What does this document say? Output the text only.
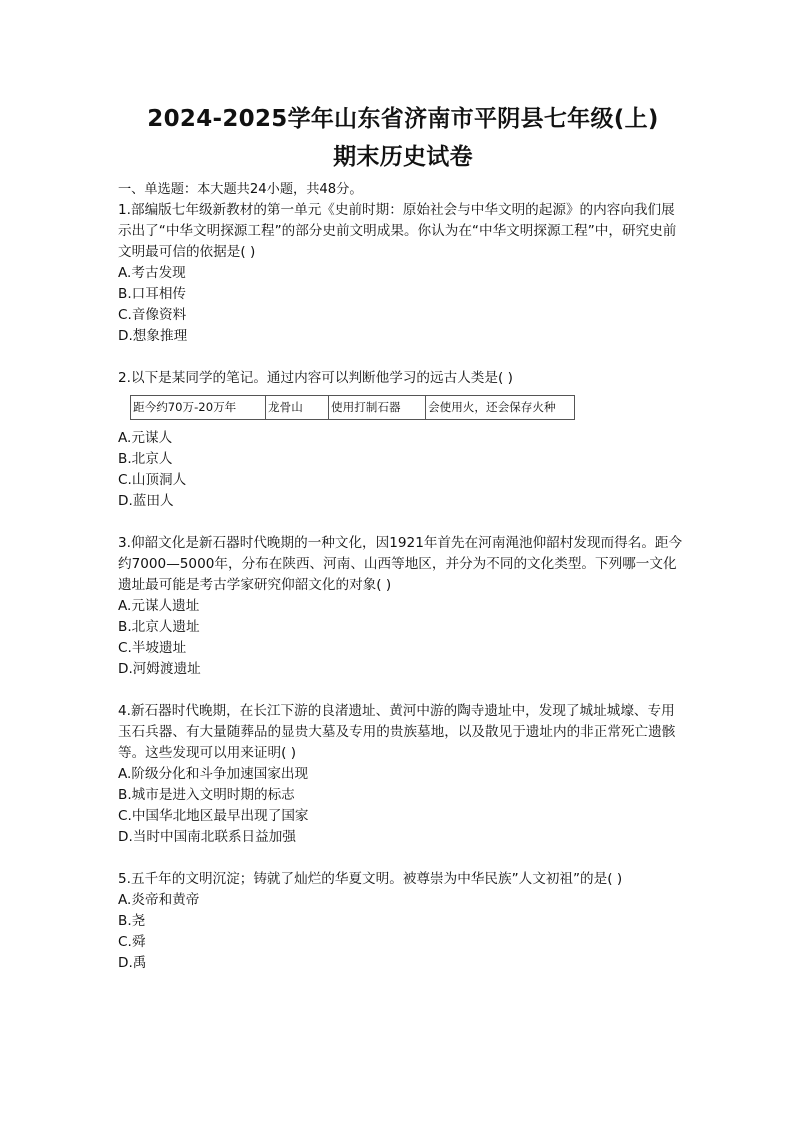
2024-2025学年山东省济南市平阴县七年级(上)
期末历史试卷
一、单选题：本大题共24小题，共48分。

1.部编版七年级新教材的第一单元《史前时期：原始社会与中华文明的起源》的内容向我们展示出了“中华文明探源工程”的部分史前文明成果。你认为在“中华文明探源工程”中，研究史前文明最可信的依据是( )

A.考古发现

B.口耳相传

C.音像资料

D.想象推理

2.以下是某同学的笔记。通过内容可以判断他学习的远古人类是( )

距今约70万-20万年	龙骨山	使用打制石器	会使用火，还会保存火种

A.元谋人

B.北京人

C.山顶洞人

D.蓝田人

3.仰韶文化是新石器时代晚期的一种文化，因1921年首先在河南渑池仰韶村发现而得名。距今约7000—5000年，分布在陕西、河南、山西等地区，并分为不同的文化类型。下列哪一文化遗址最可能是考古学家研究仰韶文化的对象( )

A.元谋人遗址

B.北京人遗址

C.半坡遗址

D.河姆渡遗址

4.新石器时代晚期，在长江下游的良渚遗址、黄河中游的陶寺遗址中，发现了城址城壕、专用玉石兵器、有大量随葬品的显贵大墓及专用的贵族墓地，以及散见于遗址内的非正常死亡遗骸等。这些发现可以用来证明( )

A.阶级分化和斗争加速国家出现

B.城市是进入文明时期的标志

C.中国华北地区最早出现了国家

D.当时中国南北联系日益加强

5.五千年的文明沉淀；铸就了灿烂的华夏文明。被尊崇为中华民族”人文初祖”的是( )

A.炎帝和黄帝

B.尧

C.舜

D.禹
